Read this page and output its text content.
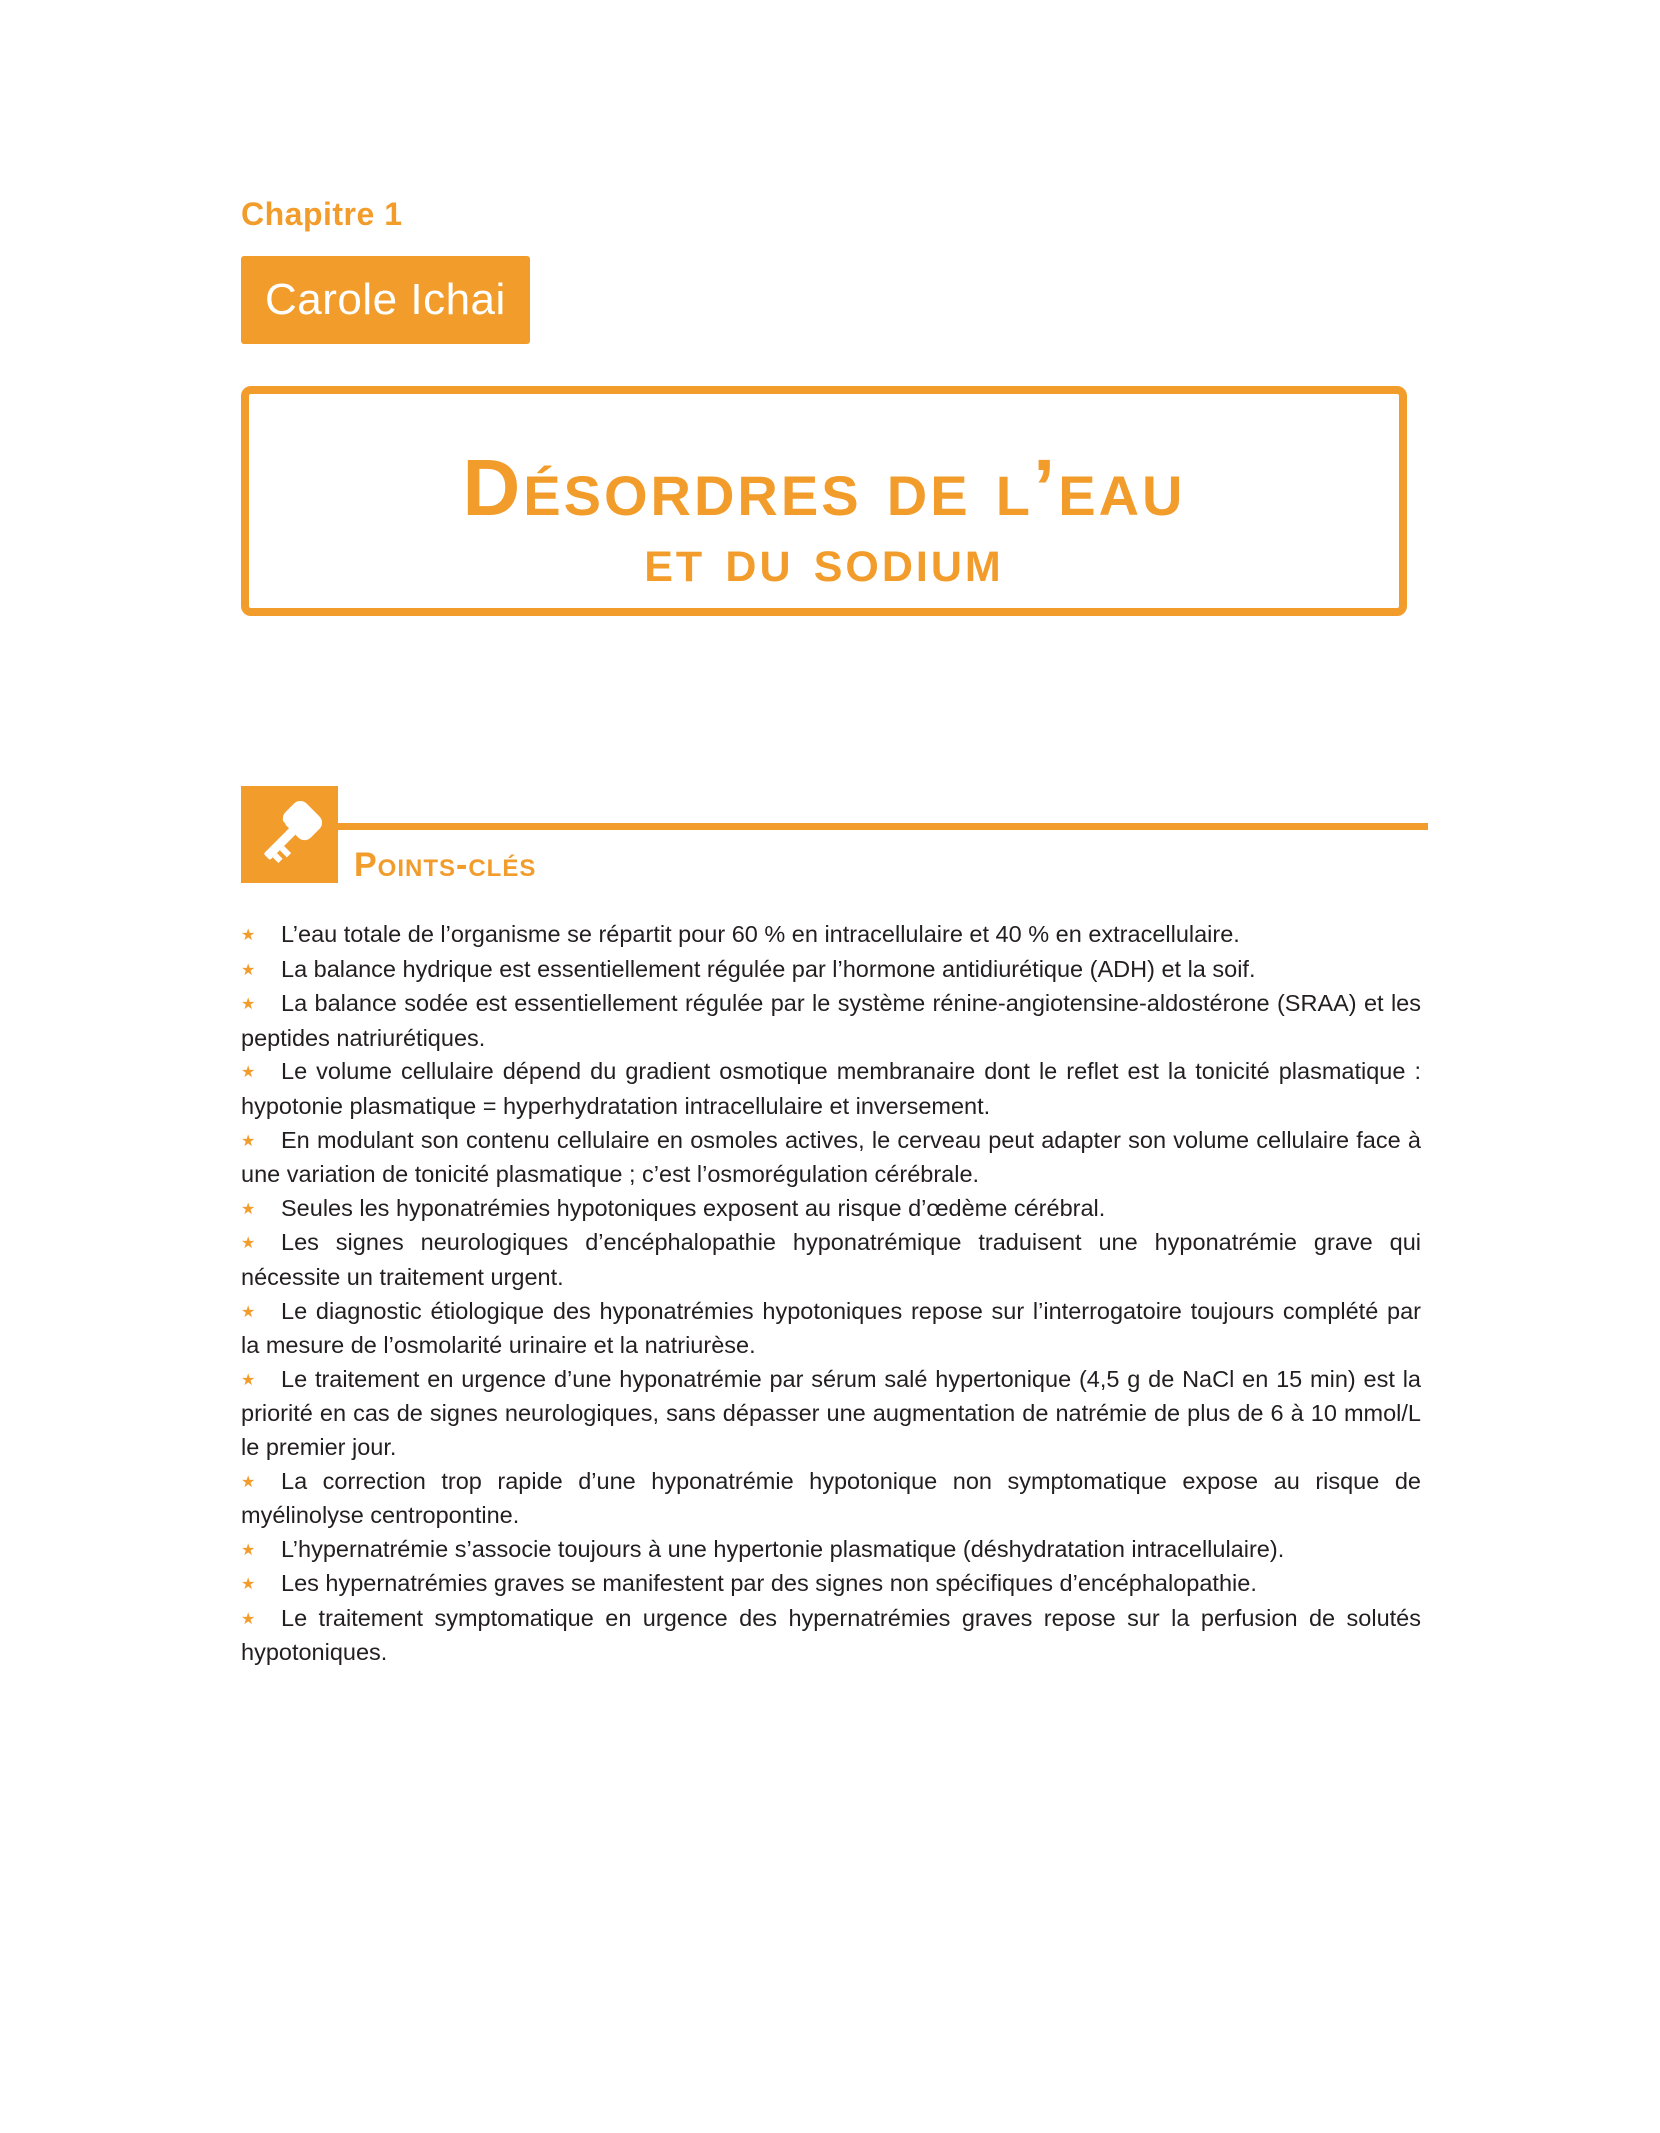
Chapitre 1
Carole Ichai
Désordres de l’eau
et du sodium
Points-clés
★ L’eau totale de l’organisme se répartit pour 60 % en intracellulaire et 40 % en extracellulaire.
★ La balance hydrique est essentiellement régulée par l’hormone antidiurétique (ADH) et la soif.
★ La balance sodée est essentiellement régulée par le système rénine-angiotensine-aldostérone (SRAA) et les peptides natriurétiques.
★ Le volume cellulaire dépend du gradient osmotique membranaire dont le reflet est la tonicité plasmatique : hypotonie plasmatique = hyperhydratation intracellulaire et inversement.
★ En modulant son contenu cellulaire en osmoles actives, le cerveau peut adapter son volume cellulaire face à une variation de tonicité plasmatique ; c’est l’osmorégulation cérébrale.
★ Seules les hyponatrémies hypotoniques exposent au risque d’œdème cérébral.
★ Les signes neurologiques d’encéphalopathie hyponatrémique traduisent une hyponatrémie grave qui nécessite un traitement urgent.
★ Le diagnostic étiologique des hyponatrémies hypotoniques repose sur l’interrogatoire toujours complété par la mesure de l’osmolarité urinaire et la natriurèse.
★ Le traitement en urgence d’une hyponatrémie par sérum salé hypertonique (4,5 g de NaCl en 15 min) est la priorité en cas de signes neurologiques, sans dépasser une augmentation de natrémie de plus de 6 à 10 mmol/L le premier jour.
★ La correction trop rapide d’une hyponatrémie hypotonique non symptomatique expose au risque de myélinolyse centropontine.
★ L’hypernatrémie s’associe toujours à une hypertonie plasmatique (déshydratation intracellulaire).
★ Les hypernatrémies graves se manifestent par des signes non spécifiques d’encéphalopathie.
★ Le traitement symptomatique en urgence des hypernatrémies graves repose sur la perfusion de solutés hypotoniques.
